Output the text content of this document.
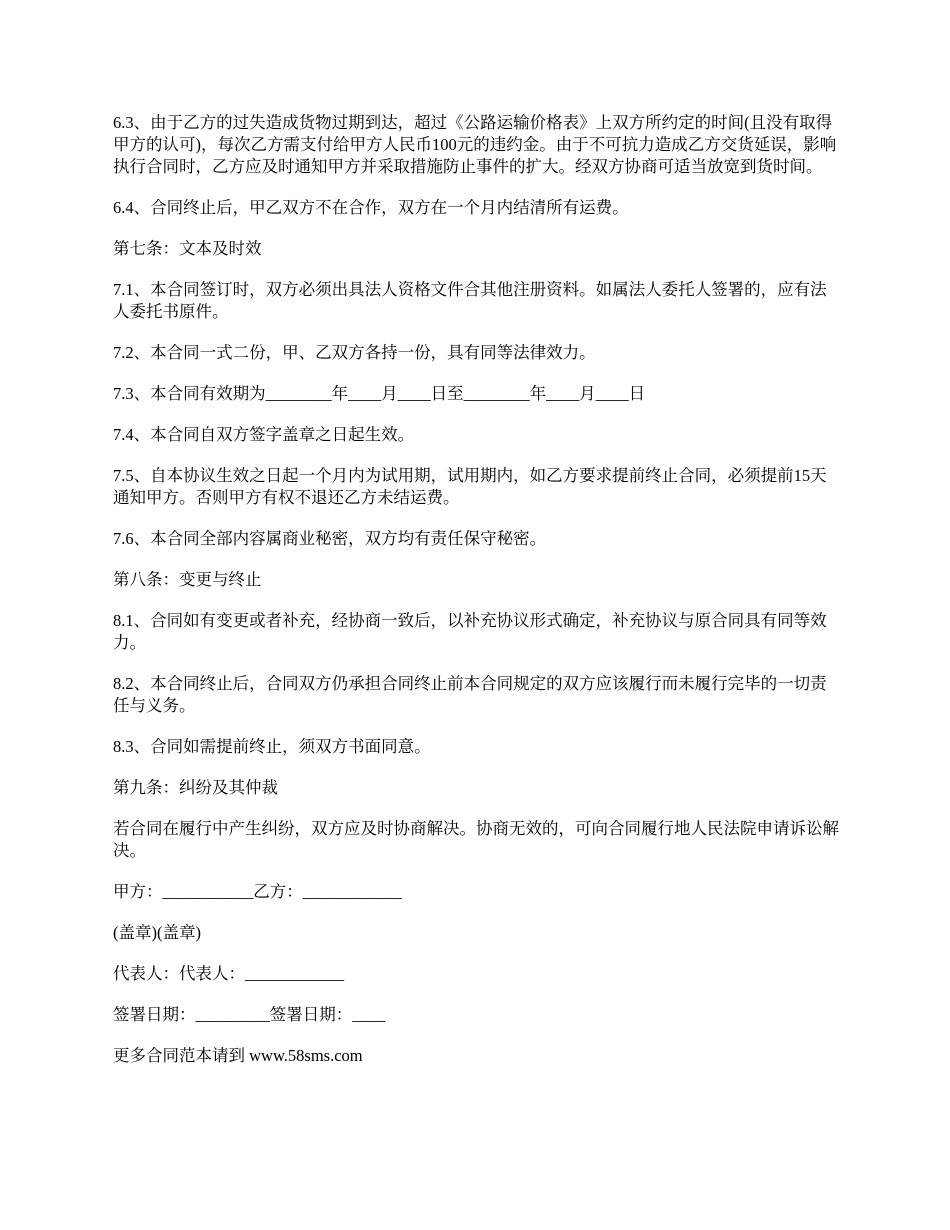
6.3、由于乙方的过失造成货物过期到达，超过《公路运输价格表》上双方所约定的时间(且没有取得甲方的认可)，每次乙方需支付给甲方人民币100元的违约金。由于不可抗力造成乙方交货延误，影响执行合同时，乙方应及时通知甲方并采取措施防止事件的扩大。经双方协商可适当放宽到货时间。

6.4、合同终止后，甲乙双方不在合作，双方在一个月内结清所有运费。

第七条：文本及时效

7.1、本合同签订时，双方必须出具法人资格文件合其他注册资料。如属法人委托人签署的，应有法人委托书原件。

7.2、本合同一式二份，甲、乙双方各持一份，具有同等法律效力。

7.3、本合同有效期为________年____月____日至________年____月____日

7.4、本合同自双方签字盖章之日起生效。

7.5、自本协议生效之日起一个月内为试用期，试用期内，如乙方要求提前终止合同，必须提前15天通知甲方。否则甲方有权不退还乙方未结运费。

7.6、本合同全部内容属商业秘密，双方均有责任保守秘密。

第八条：变更与终止

8.1、合同如有变更或者补充，经协商一致后，以补充协议形式确定，补充协议与原合同具有同等效力。

8.2、本合同终止后，合同双方仍承担合同终止前本合同规定的双方应该履行而未履行完毕的一切责任与义务。

8.3、合同如需提前终止，须双方书面同意。

第九条：纠纷及其仲裁

若合同在履行中产生纠纷，双方应及时协商解决。协商无效的，可向合同履行地人民法院申请诉讼解决。

甲方：___________乙方：____________

(盖章)(盖章)

代表人：代表人：____________

签署日期：_________签署日期：____

更多合同范本请到 www.58sms.com
